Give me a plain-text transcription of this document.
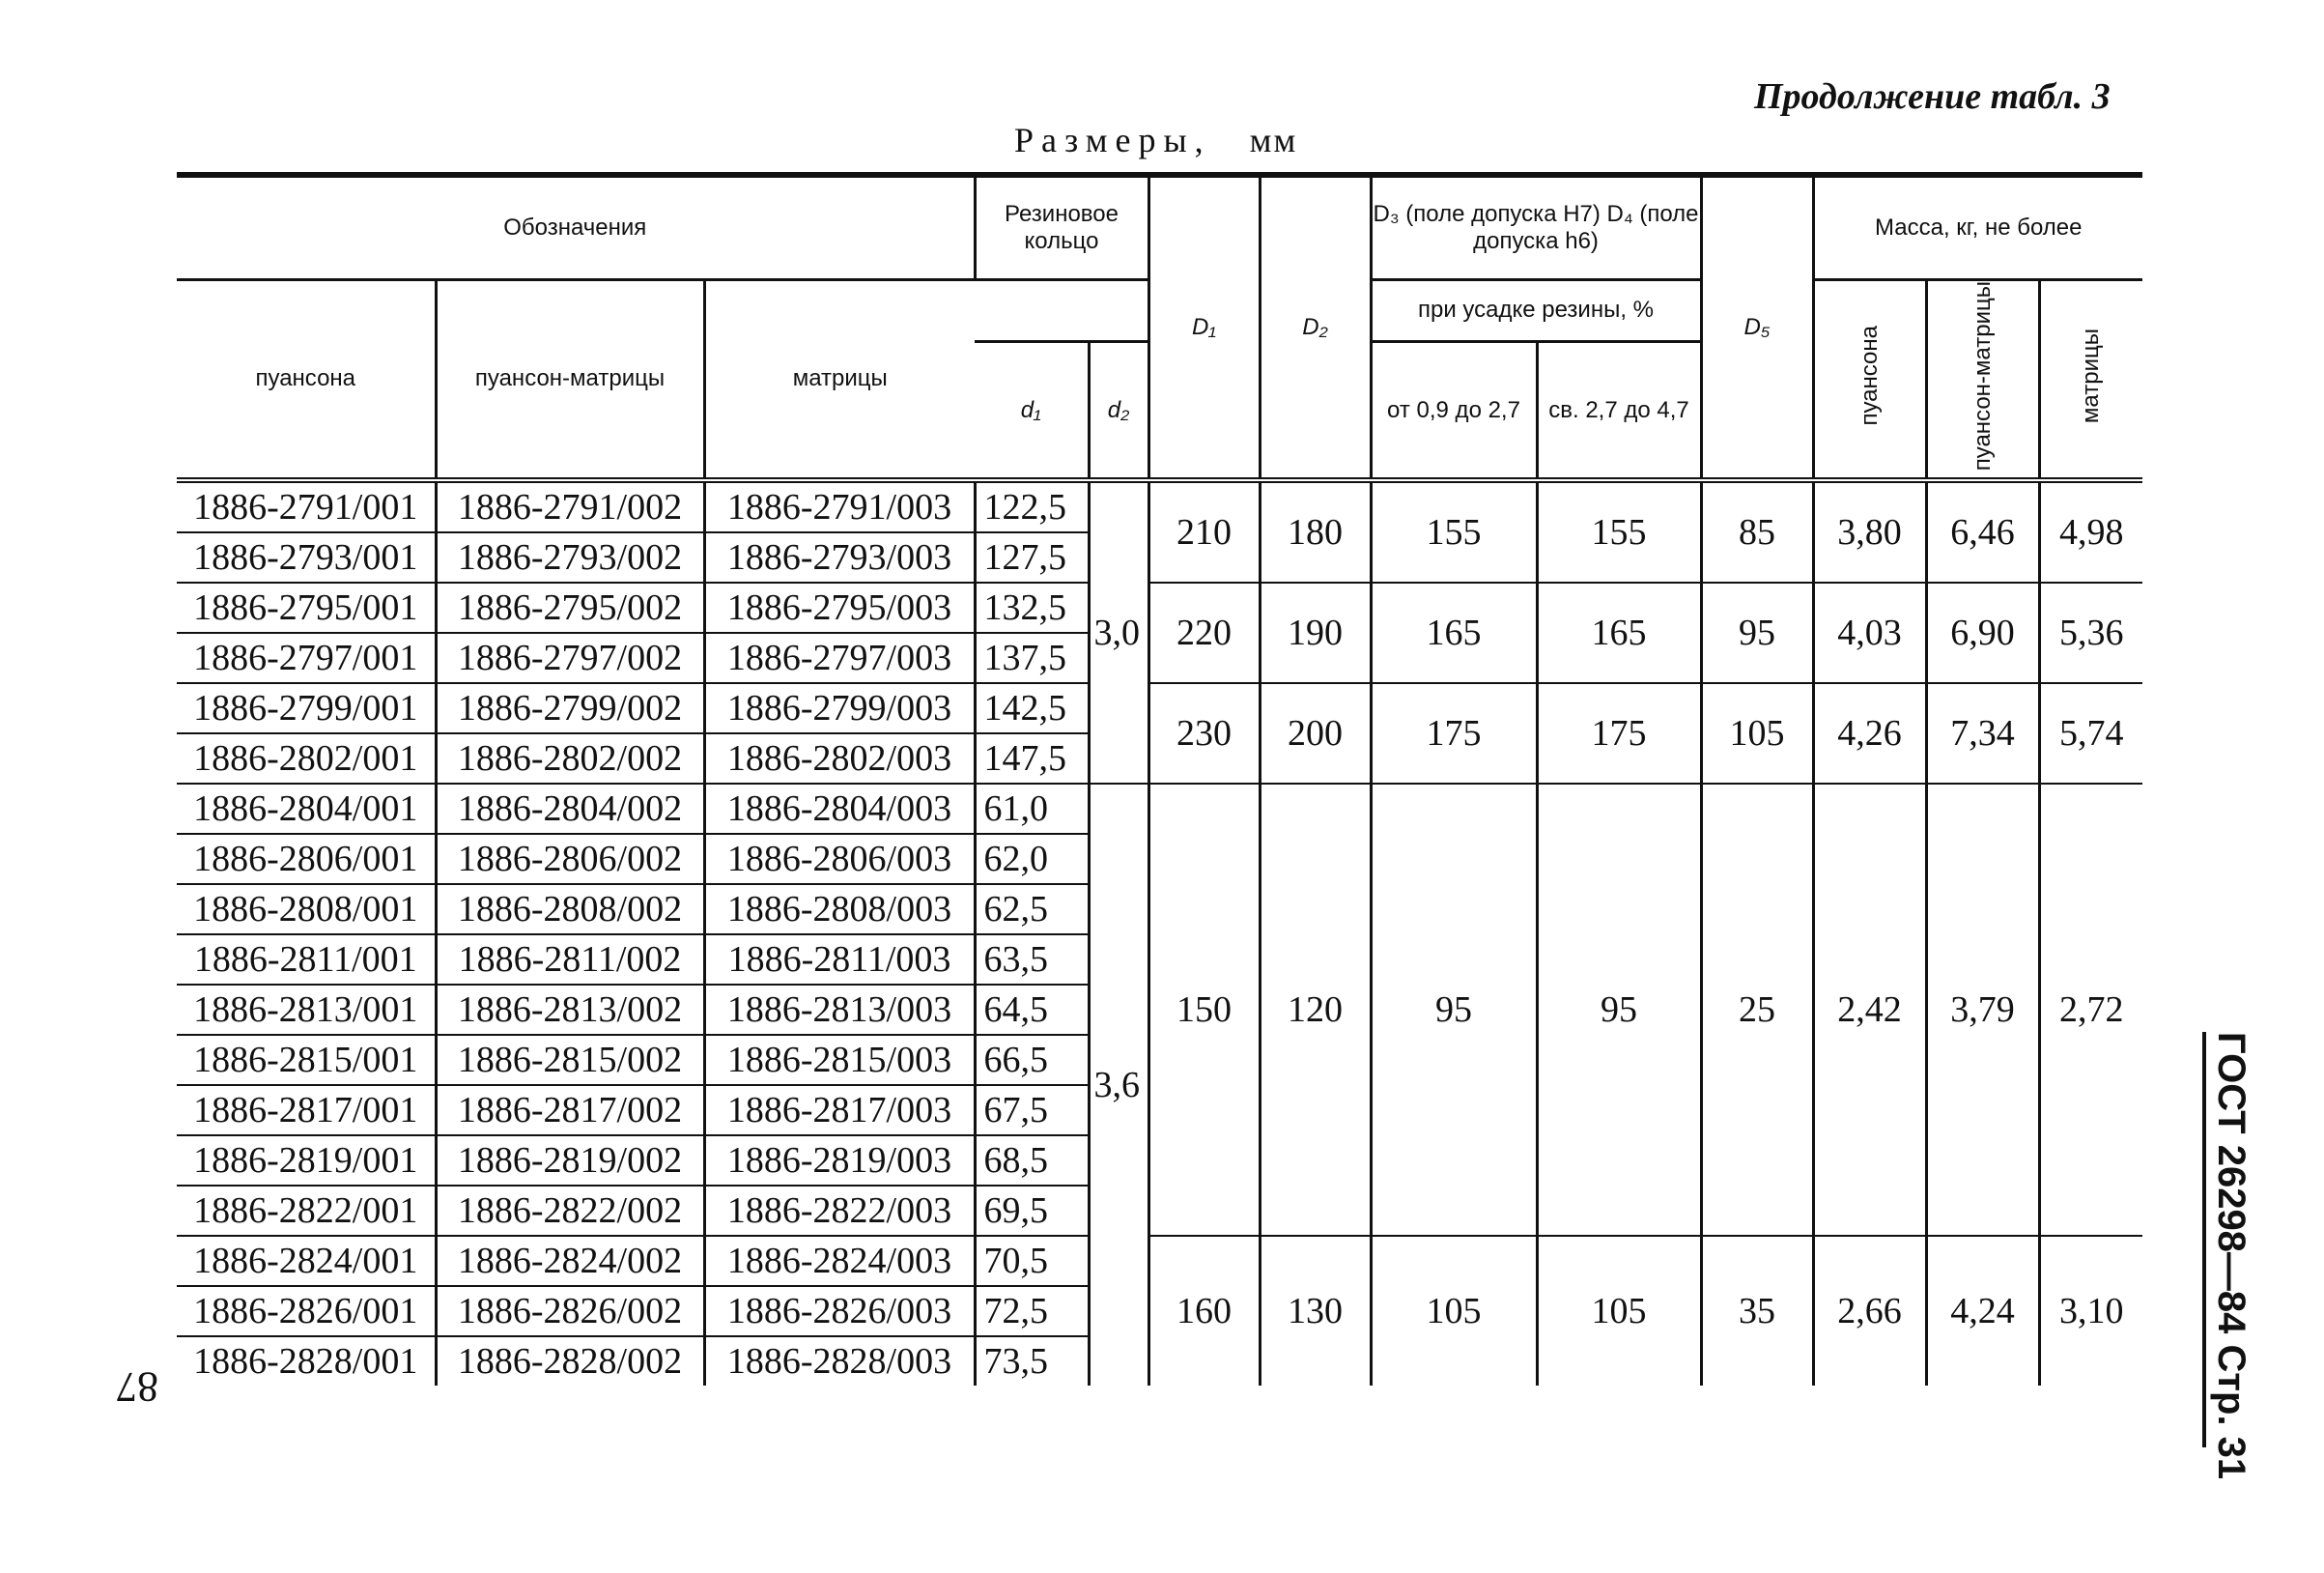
Продолжение табл. 3
Размеры, мм
ГОСТ 26298—84 Стр. 31
87
Обозначения			Резиновое кольцо		D₁	D₂	D₃ (поле допуска H7) D₄ (поле допуска h6)		D₅	Масса, кг, не более		
пуансона	пуансон-матрицы	матрицы					при усадке резины, %			пуансона	пуансон-матрицы	матрицы
			d₁	d₂			от 0,9 до 2,7	св. 2,7 до 4,7				
1886-2791/001	1886-2791/002	1886-2791/003	122,5	3,0	210	180	155	155	85	3,80	6,46	4,98
1886-2793/001	1886-2793/002	1886-2793/003	127,5									
1886-2795/001	1886-2795/002	1886-2795/003	132,5		220	190	165	165	95	4,03	6,90	5,36
1886-2797/001	1886-2797/002	1886-2797/003	137,5									
1886-2799/001	1886-2799/002	1886-2799/003	142,5		230	200	175	175	105	4,26	7,34	5,74
1886-2802/001	1886-2802/002	1886-2802/003	147,5									
1886-2804/001	1886-2804/002	1886-2804/003	61,0	3,6	150	120	95	95	25	2,42	3,79	2,72
1886-2806/001	1886-2806/002	1886-2806/003	62,0									
1886-2808/001	1886-2808/002	1886-2808/003	62,5									
1886-2811/001	1886-2811/002	1886-2811/003	63,5									
1886-2813/001	1886-2813/002	1886-2813/003	64,5									
1886-2815/001	1886-2815/002	1886-2815/003	66,5									
1886-2817/001	1886-2817/002	1886-2817/003	67,5									
1886-2819/001	1886-2819/002	1886-2819/003	68,5									
1886-2822/001	1886-2822/002	1886-2822/003	69,5									
1886-2824/001	1886-2824/002	1886-2824/003	70,5		160	130	105	105	35	2,66	4,24	3,10
1886-2826/001	1886-2826/002	1886-2826/003	72,5									
1886-2828/001	1886-2828/002	1886-2828/003	73,5									
